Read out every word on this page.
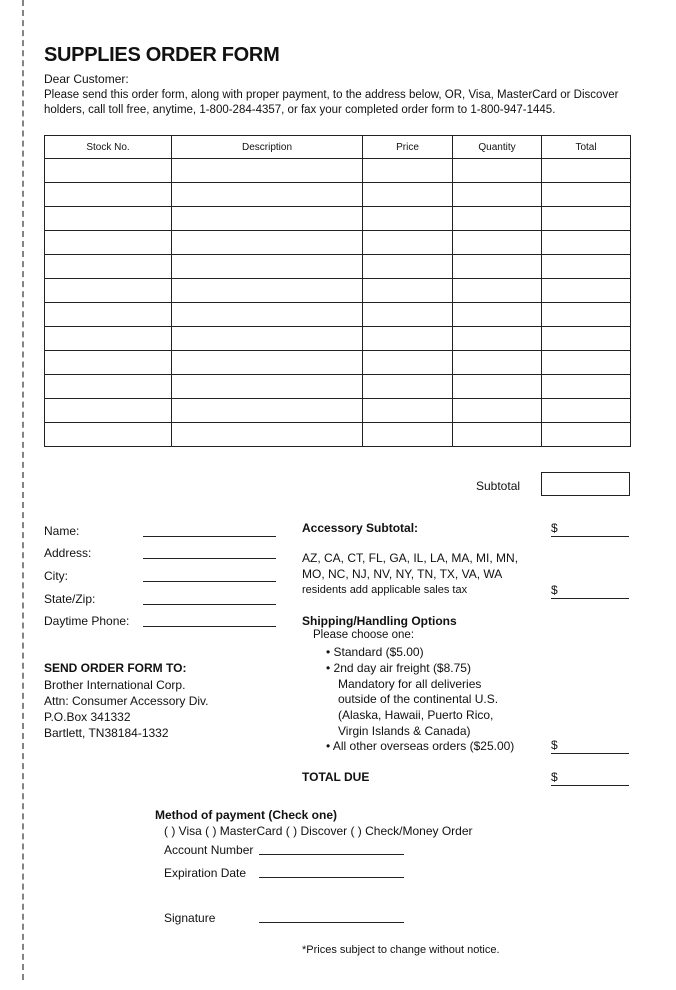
SUPPLIES ORDER FORM
Dear Customer:
Please send this order form, along with proper payment, to the address below, OR, Visa, MasterCard or Discover
holders, call toll free, anytime, 1-800-284-4357, or fax your completed order form to 1-800-947-1445.
Stock No.	Description	Price	Quantity	Total

Subtotal
Name:
Address:
City:
State/Zip:
Daytime Phone:
SEND ORDER FORM TO:
Brother International Corp.
Attn: Consumer Accessory Div.
P.O.Box 341332
Bartlett, TN38184-1332
Accessory Subtotal:	$
AZ, CA, CT, FL, GA, IL, LA, MA, MI, MN,
MO, NC, NJ, NV, NY, TN, TX, VA, WA
residents add applicable sales tax	$
Shipping/Handling Options
Please choose one:
• Standard ($5.00)
• 2nd day air freight ($8.75)
Mandatory for all deliveries
outside of the continental U.S.
(Alaska, Hawaii, Puerto Rico,
Virgin Islands & Canada)
• All other overseas orders ($25.00)	$
TOTAL DUE	$
Method of payment (Check one)
( ) Visa ( ) MasterCard ( ) Discover ( ) Check/Money Order
Account Number
Expiration Date
Signature
*Prices subject to change without notice.
